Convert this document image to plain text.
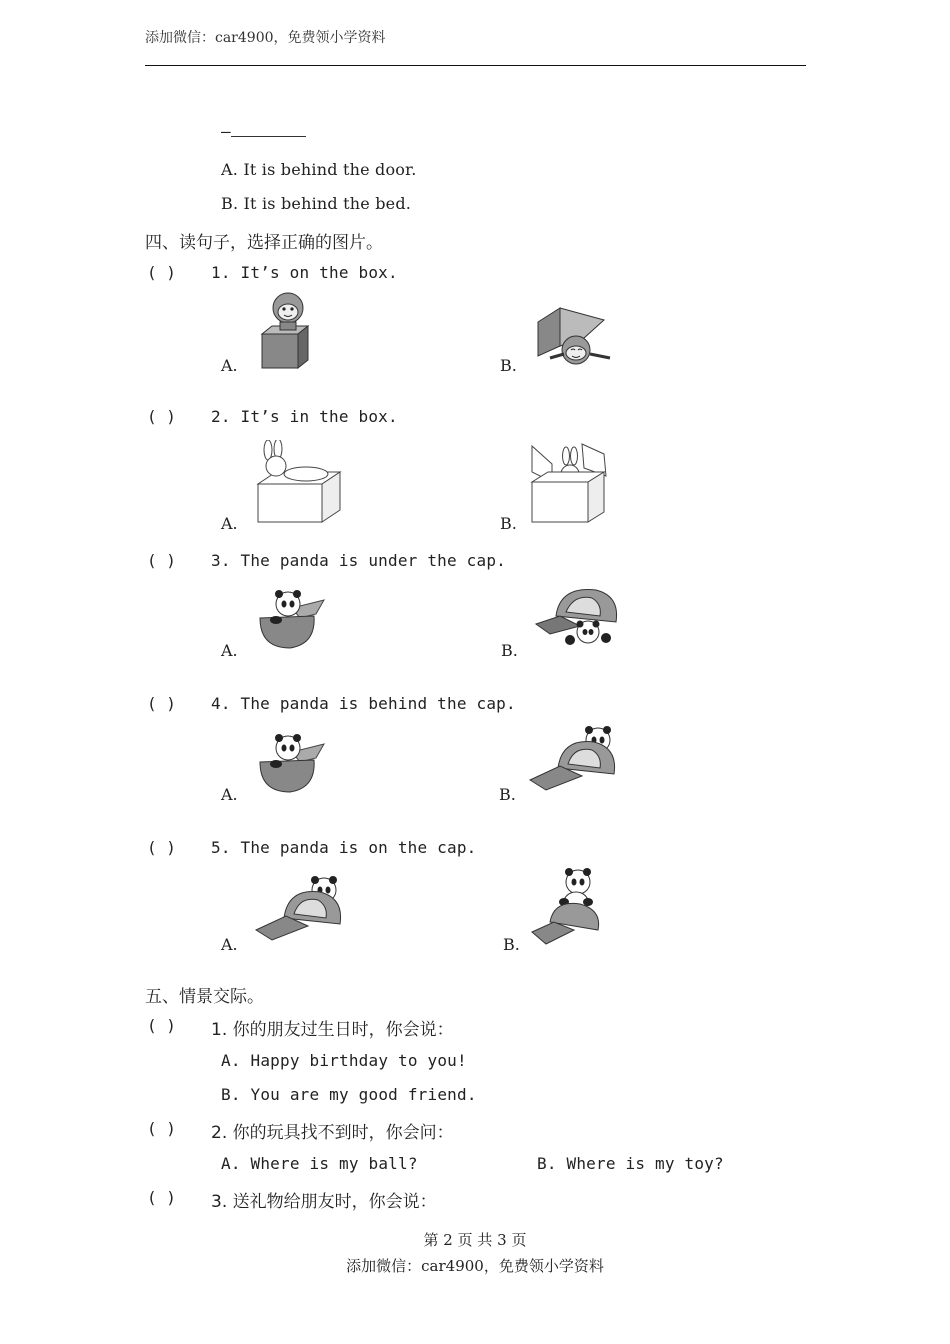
添加微信：car4900，免费领小学资料
—
A. It is behind the door.
B. It is behind the bed.
四、读句子，选择正确的图片。
( ) 1. It’s on the box.
A.	B.
( ) 2. It’s in the box.
A.	B.
( ) 3. The panda is under the cap.
A.	B.
( ) 4. The panda is behind the cap.
A.	B.
( ) 5. The panda is on the cap.
A.	B.
五、情景交际。
( ) 1. 你的朋友过生日时，你会说：
A. Happy birthday to you!
B. You are my good friend.
( ) 2. 你的玩具找不到时，你会问：
A. Where is my ball?	B. Where is my toy?
( ) 3. 送礼物给朋友时，你会说：
第 2 页 共 3 页
添加微信：car4900，免费领小学资料
